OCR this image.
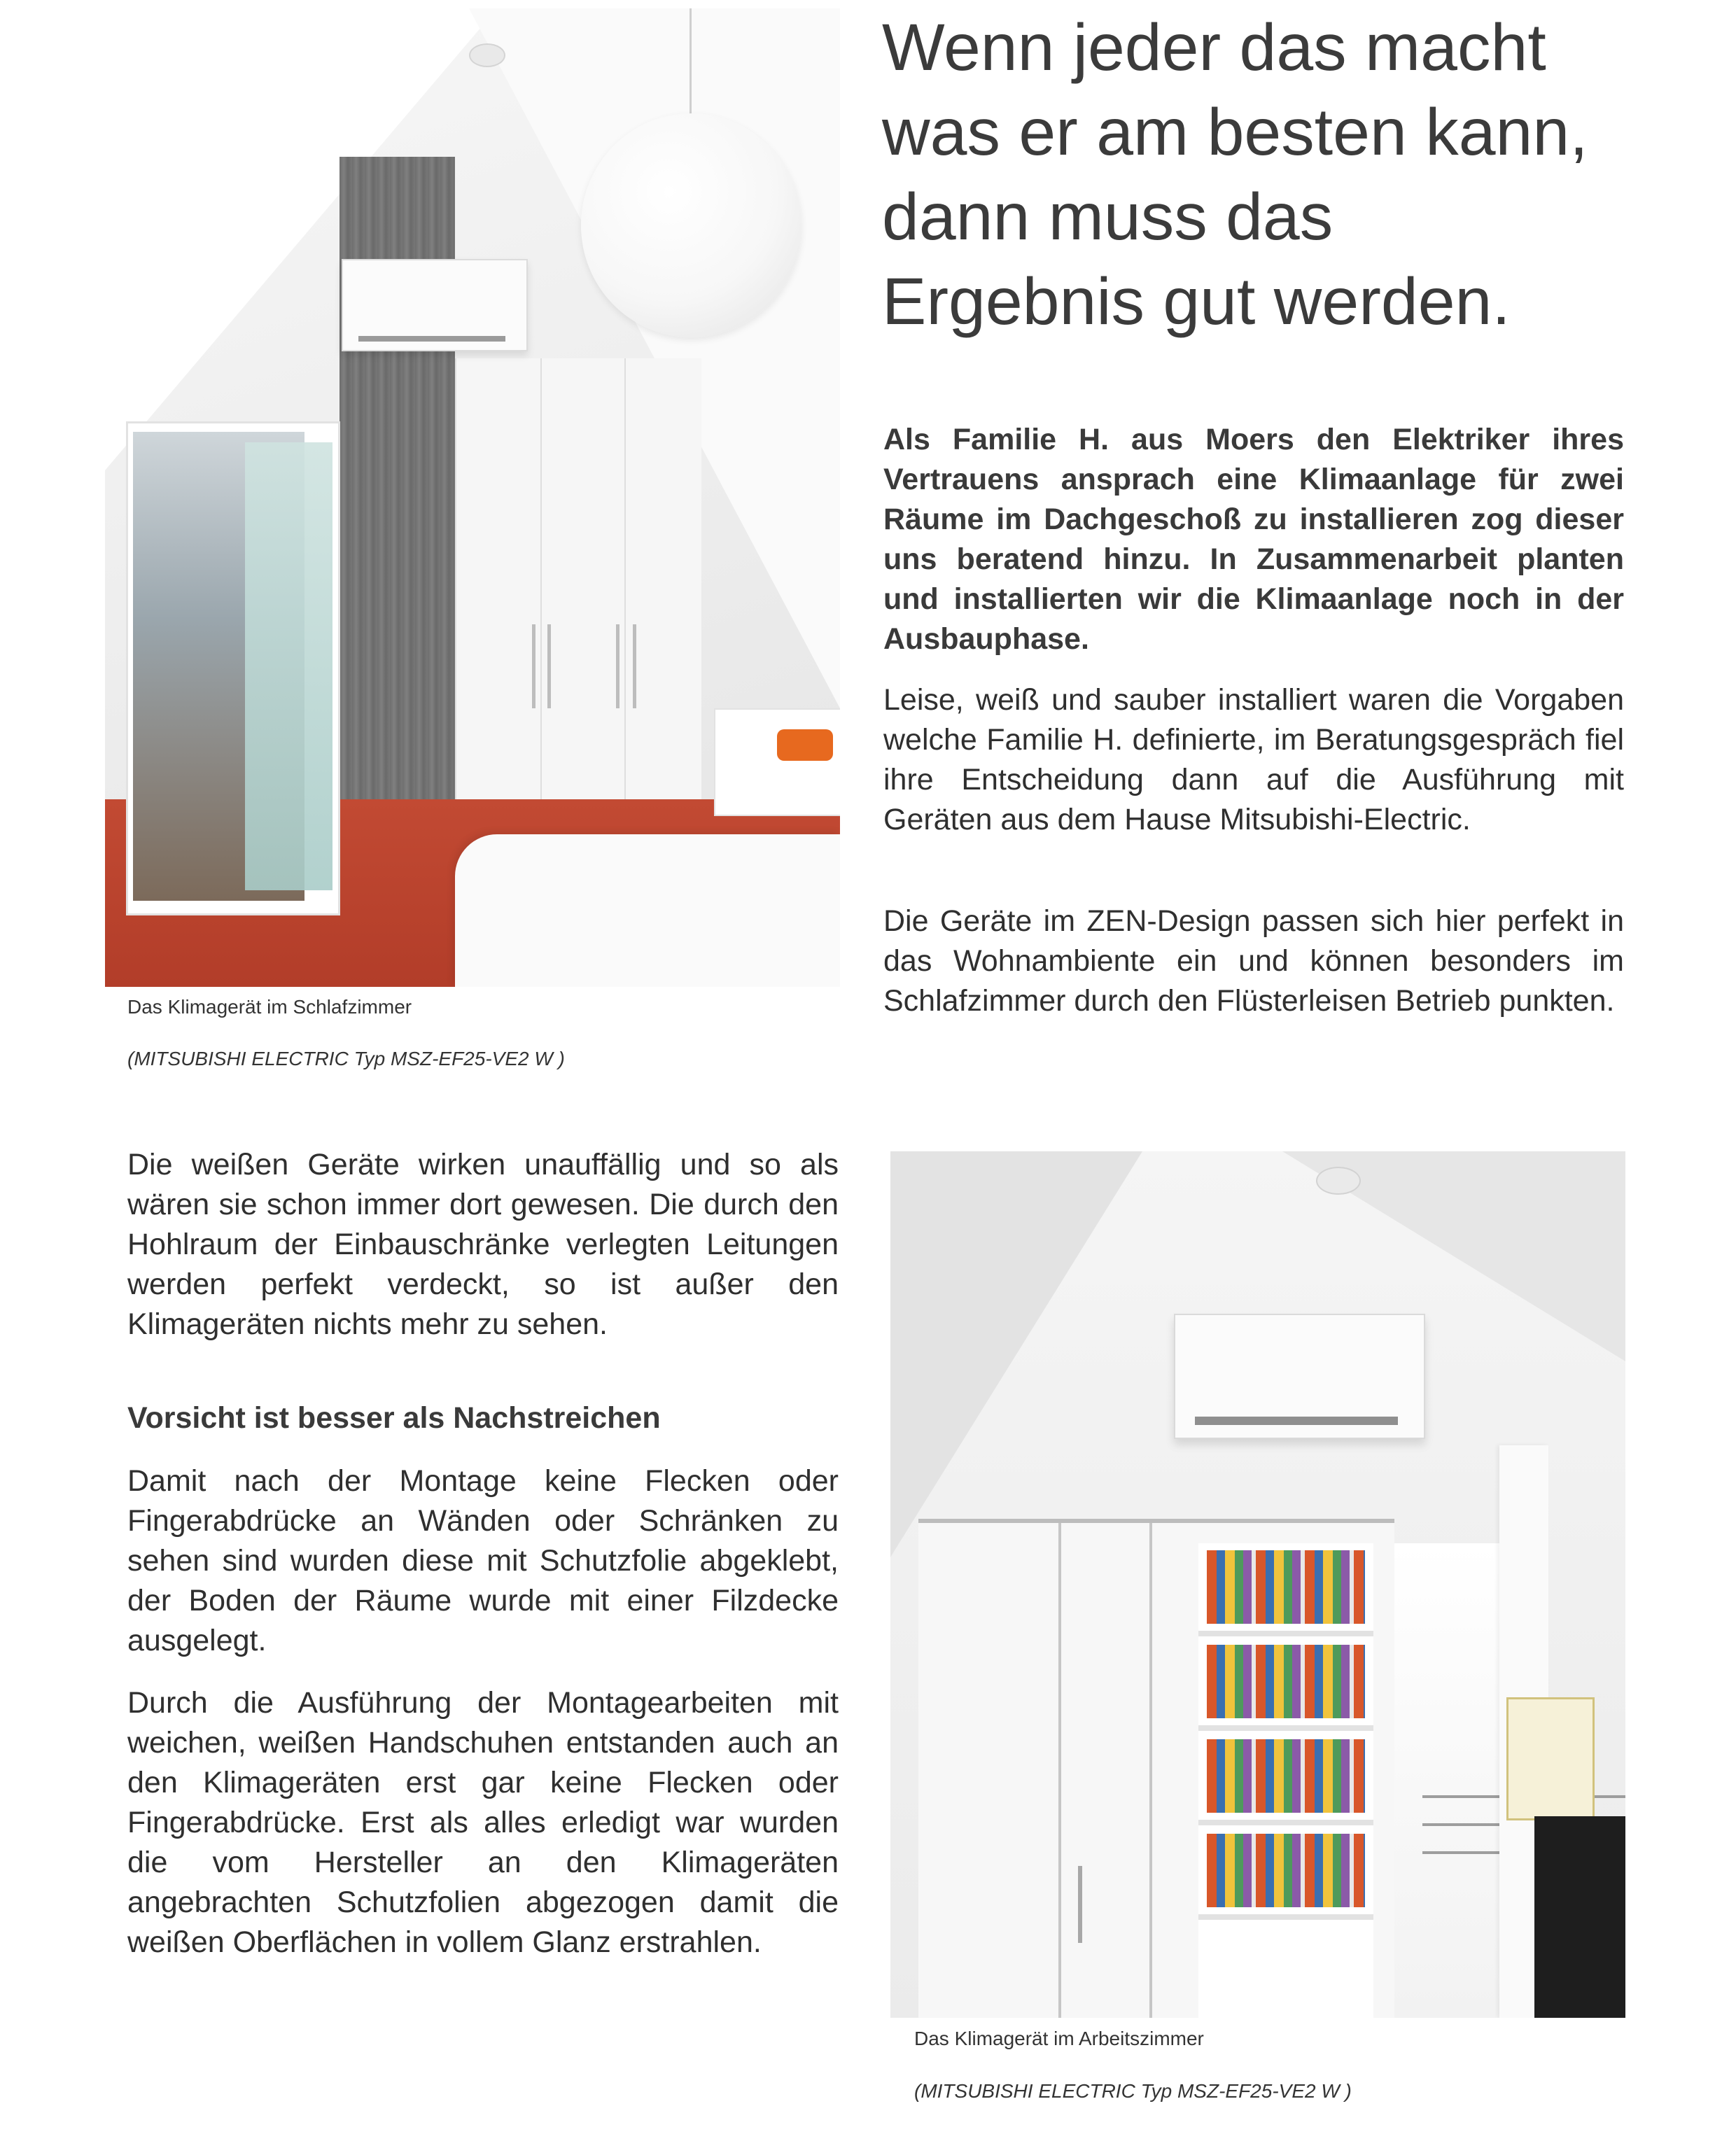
Das Klimagerät im Schlafzimmer

(MITSUBISHI ELECTRIC Typ MSZ-EF25-VE2 W )

Wenn jeder das macht
was er am besten kann,
dann muss das
Ergebnis gut werden.

Als Familie H. aus Moers den Elektriker ihres Vertrauens ansprach eine Klimaanlage für zwei Räume im Dachgeschoß zu installieren zog dieser uns beratend hinzu. In Zusammenarbeit planten und installierten wir die Klimaanlage noch in der Ausbauphase.

Leise, weiß und sauber installiert waren die Vorgaben welche Familie H. definierte, im Beratungsgespräch fiel ihre Entscheidung dann auf die Ausführung mit Geräten aus dem Hause Mitsubishi-Electric.

Die Geräte im ZEN-Design passen sich hier perfekt in das Wohnambiente ein und können besonders im Schlafzimmer durch den Flüsterleisen Betrieb punkten.

Die weißen Geräte wirken unauffällig und so als wären sie schon immer dort gewesen. Die durch den Hohlraum der Einbauschränke verlegten Leitungen werden perfekt verdeckt, so ist außer den Klimageräten nichts mehr zu sehen.

Vorsicht ist besser als Nachstreichen

Damit nach der Montage keine Flecken oder Fingerabdrücke an Wänden oder Schränken zu sehen sind wurden diese mit Schutzfolie abgeklebt, der Boden der Räume wurde mit einer Filzdecke ausgelegt.

Durch die Ausführung der Montagearbeiten mit weichen, weißen Handschuhen entstanden auch an den Klimageräten erst gar keine Flecken oder Fingerabdrücke. Erst als alles erledigt war wurden die vom Hersteller an den Klimageräten angebrachten Schutzfolien abgezogen damit die weißen Oberflächen in vollem Glanz erstrahlen.

Das Klimagerät im Arbeitszimmer

(MITSUBISHI ELECTRIC Typ MSZ-EF25-VE2 W )
